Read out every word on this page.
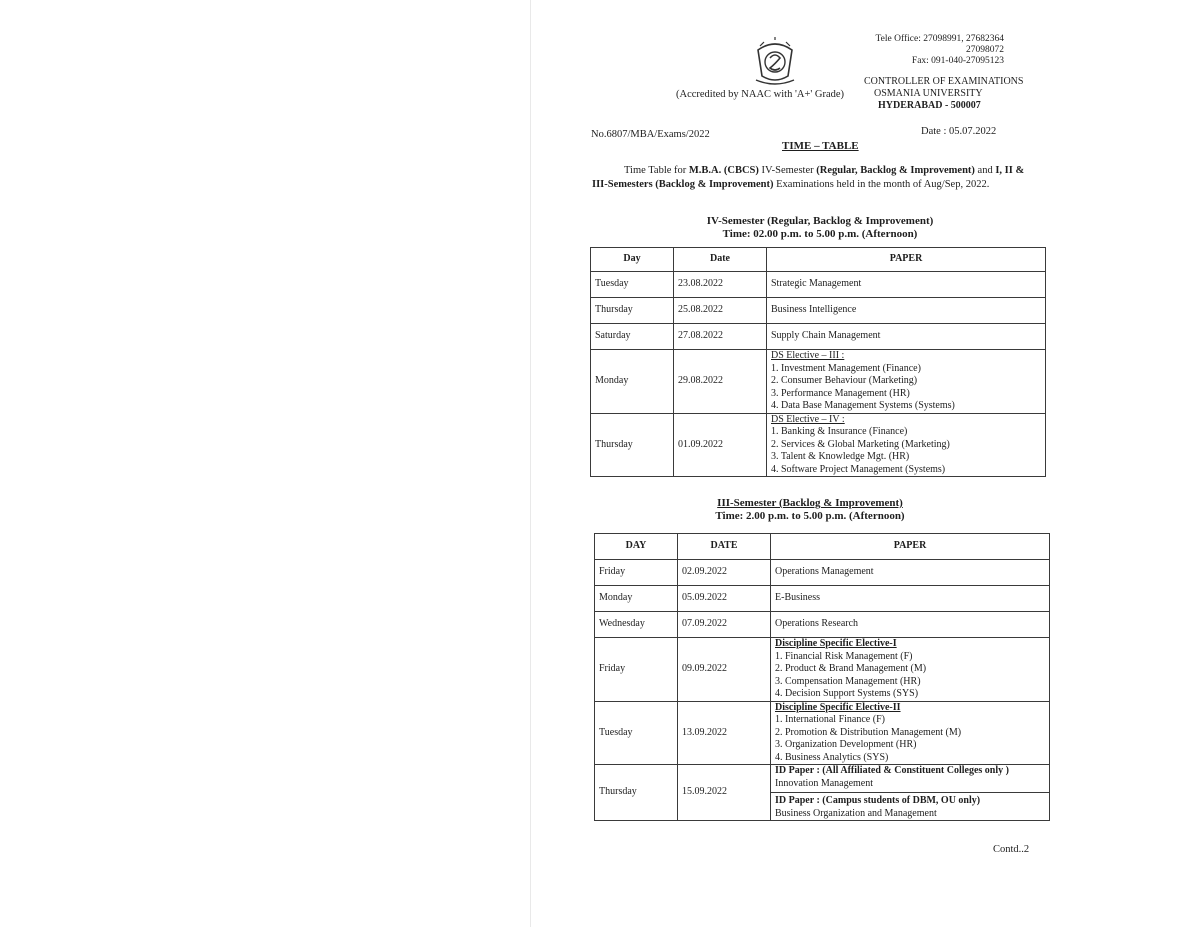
Tele Office: 27098991, 27682364
27098072
Fax: 091-040-27095123
(Accredited by NAAC with 'A+' Grade)
CONTROLLER OF EXAMINATIONS
OSMANIA UNIVERSITY
HYDERABAD - 500007
No.6807/MBA/Exams/2022	Date : 05.07.2022
TIME – TABLE

Time Table for M.B.A. (CBCS) IV-Semester (Regular, Backlog & Improvement) and I, II & III-Semesters (Backlog & Improvement) Examinations held in the month of Aug/Sep, 2022.

IV-Semester (Regular, Backlog & Improvement)
Time: 02.00 p.m. to 5.00 p.m. (Afternoon)
Day	Date	PAPER
Tuesday	23.08.2022	Strategic Management
Thursday	25.08.2022	Business Intelligence
Saturday	27.08.2022	Supply Chain Management
Monday	29.08.2022	DS Elective – III :
1. Investment Management (Finance)
2. Consumer Behaviour (Marketing)
3. Performance Management (HR)
4. Data Base Management Systems (Systems)

Thursday	01.09.2022	DS Elective – IV :
1. Banking & Insurance (Finance)
2. Services & Global Marketing (Marketing)
3. Talent & Knowledge Mgt. (HR)
4. Software Project Management (Systems)
III-Semester (Backlog & Improvement)
Time: 2.00 p.m. to 5.00 p.m. (Afternoon)
DAY	DATE	PAPER
Friday	02.09.2022	Operations Management
Monday	05.09.2022	E-Business
Wednesday	07.09.2022	Operations Research
Friday	09.09.2022	Discipline Specific Elective-I
1. Financial Risk Management (F)
2. Product & Brand Management (M)
3. Compensation Management (HR)
4. Decision Support Systems (SYS)

Tuesday	13.09.2022	Discipline Specific Elective-II
1. International Finance (F)
2. Promotion & Distribution Management (M)
3. Organization Development (HR)
4. Business Analytics (SYS)

Thursday	15.09.2022	ID Paper : (All Affiliated & Constituent Colleges only )
Innovation Management
ID Paper : (Campus students of DBM, OU only)
Business Organization and Management
Contd..2
